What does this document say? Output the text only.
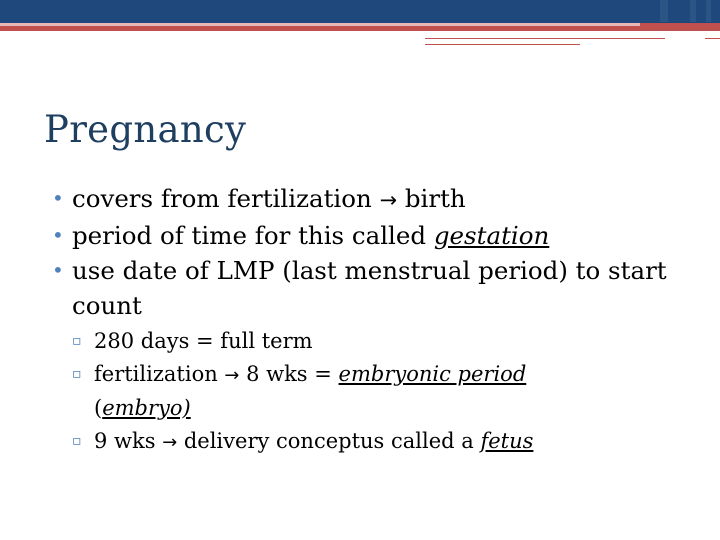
Pregnancy
• covers from fertilization → birth
• period of time for this called gestation
• use date of LMP (last menstrual period) to start count
▫ 280 days = full term
▫ fertilization → 8 wks = embryonic period
(embryo)
▫ 9 wks → delivery conceptus called a fetus
